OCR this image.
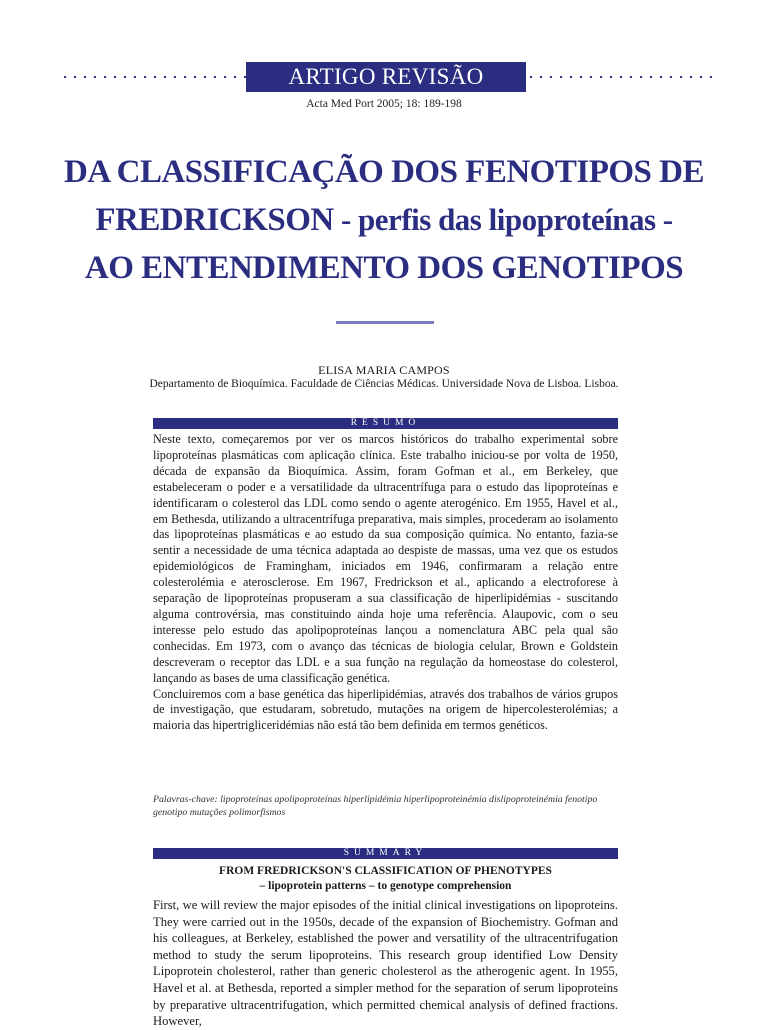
ARTIGO REVISÃO
Acta Med Port 2005; 18: 189-198
DA CLASSIFICAÇÃO DOS FENOTIPOS DE
FREDRICKSON - perfis das lipoproteínas -
AO ENTENDIMENTO DOS GENOTIPOS
ELISA MARIA CAMPOS
Departamento de Bioquímica. Faculdade de Ciências Médicas. Universidade Nova de Lisboa. Lisboa.
RESUMO

Neste texto, começaremos por ver os marcos históricos do trabalho experimental sobre lipoproteínas plasmáticas com aplicação clínica. Este trabalho iniciou-se por volta de 1950, década de expansão da Bioquímica. Assim, foram Gofman et al., em Berkeley, que estabeleceram o poder e a versatilidade da ultracentrífuga para o estudo das lipoproteínas e identificaram o colesterol das LDL como sendo o agente aterogénico. Em 1955, Havel et al., em Bethesda, utilizando a ultracentrífuga preparativa, mais simples, procederam ao isolamento das lipoproteínas plasmáticas e ao estudo da sua composição química. No entanto, fazia-se sentir a necessidade de uma técnica adaptada ao despiste de massas, uma vez que os estudos epidemiológicos de Framingham, iniciados em 1946, confirmaram a relação entre colesterolémia e aterosclerose. Em 1967, Fredrickson et al., aplicando a electroforese à separação de lipoproteínas propuseram a sua classificação de hiperlipidémias - suscitando alguma controvérsia, mas constituindo ainda hoje uma referência. Alaupovic, com o seu interesse pelo estudo das apolipoproteínas lançou a nomenclatura ABC pela qual são conhecidas. Em 1973, com o avanço das técnicas de biologia celular, Brown e Goldstein descreveram o receptor das LDL e a sua função na regulação da homeostase do colesterol, lançando as bases de uma classificação genética.

Concluiremos com a base genética das hiperlipidémias, através dos trabalhos de vários grupos de investigação, que estudaram, sobretudo, mutações na origem de hipercolesterolémias; a maioria das hipertrigliceridémias não está tão bem definida em termos genéticos.

Palavras-chave: lipoproteínas apolipoproteínas hiperlipidémia hiperlipoproteinémia dislipoproteinémia fenotipo genotipo mutações polimorfismos
SUMMARY
FROM FREDRICKSON'S CLASSIFICATION OF PHENOTYPES
– lipoprotein patterns – to genotype comprehension

First, we will review the major episodes of the initial clinical investigations on lipoproteins. They were carried out in the 1950s, decade of the expansion of Biochemistry. Gofman and his colleagues, at Berkeley, established the power and versatility of the ultracentrifugation method to study the serum lipoproteins. This research group identified Low Density Lipoprotein cholesterol, rather than generic cholesterol as the atherogenic agent. In 1955, Havel et al. at Bethesda, reported a simpler method for the separation of serum lipoproteins by preparative ultracentrifugation, which permitted chemical analysis of defined fractions. However,
